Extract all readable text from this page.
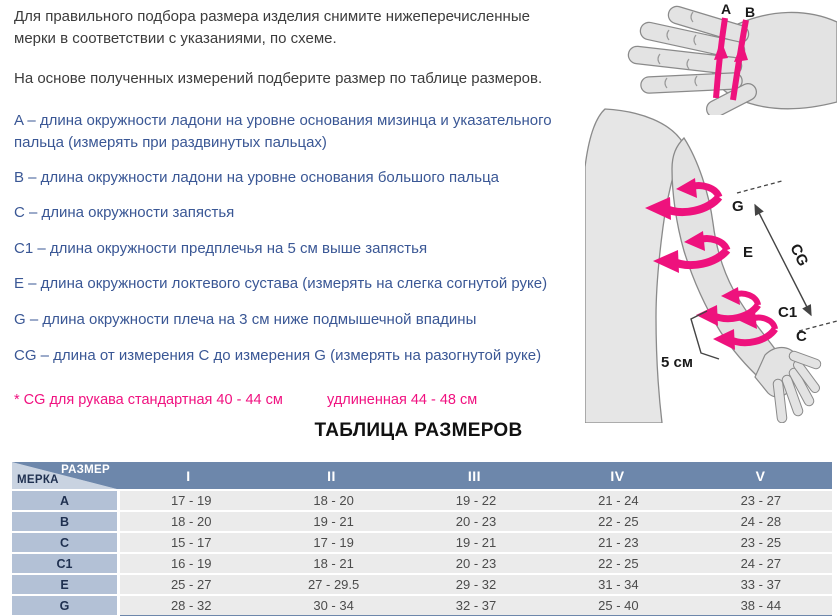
Для правильного подбора размера изделия снимите нижеперечисленные мерки в соответствии с указаниями, по схеме.
На основе полученных измерений подберите размер по таблице размеров.
A – длина окружности ладони на уровне основания мизинца и указательного пальца (измерять при раздвинутых пальцах)
B – длина окружности ладони на уровне основания большого пальца
C – длина окружности запястья
C1 – длина окружности предплечья на 5 см выше запястья
E – длина окружности локтевого сустава (измерять на слегка согнутой руке)
G – длина окружности плеча на 3 см ниже подмышечной впадины
CG – длина от измерения C до измерения G (измерять на разогнутой руке)
* CG для рукава стандартная 40 - 44 см	удлиненная 44 - 48 см
ТАБЛИЦА РАЗМЕРОВ
РАЗМЕР
МЕРКА	I	II	III	IV	V
A	17 - 19	18 - 20	19 - 22	21 - 24	23 - 27
B	18 - 20	19 - 21	20 - 23	22 - 25	24 - 28
C	15 - 17	17 - 19	19 - 21	21 - 23	23 - 25
C1	16 - 19	18 - 21	20 - 23	22 - 25	24 - 27
E	25 - 27	27 - 29.5	29 - 32	31 - 34	33 - 37
G	28 - 32	30 - 34	32 - 37	25 - 40	38 - 44
A B
G
E
C1
C
CG
5 см
